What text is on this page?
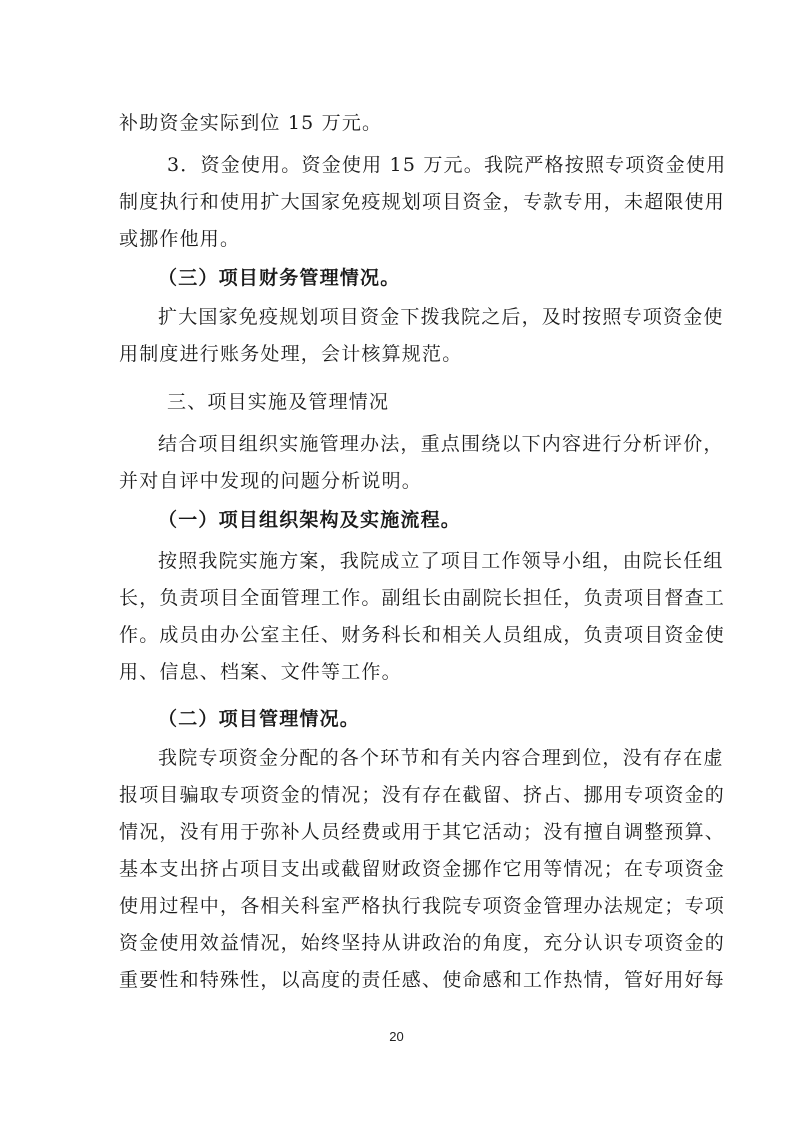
补助资金实际到位 15 万元。
3．资金使用。资金使用 15 万元。我院严格按照专项资金使用
制度执行和使用扩大国家免疫规划项目资金，专款专用，未超限使用
或挪作他用。
（三）项目财务管理情况。
扩大国家免疫规划项目资金下拨我院之后，及时按照专项资金使
用制度进行账务处理，会计核算规范。
三、项目实施及管理情况
结合项目组织实施管理办法，重点围绕以下内容进行分析评价，
并对自评中发现的问题分析说明。
（一）项目组织架构及实施流程。
按照我院实施方案，我院成立了项目工作领导小组，由院长任组
长，负责项目全面管理工作。副组长由副院长担任，负责项目督查工
作。成员由办公室主任、财务科长和相关人员组成，负责项目资金使
用、信息、档案、文件等工作。
（二）项目管理情况。
我院专项资金分配的各个环节和有关内容合理到位，没有存在虚
报项目骗取专项资金的情况；没有存在截留、挤占、挪用专项资金的
情况，没有用于弥补人员经费或用于其它活动；没有擅自调整预算、
基本支出挤占项目支出或截留财政资金挪作它用等情况；在专项资金
使用过程中，各相关科室严格执行我院专项资金管理办法规定；专项
资金使用效益情况，始终坚持从讲政治的角度，充分认识专项资金的
重要性和特殊性，以高度的责任感、使命感和工作热情，管好用好每
20
